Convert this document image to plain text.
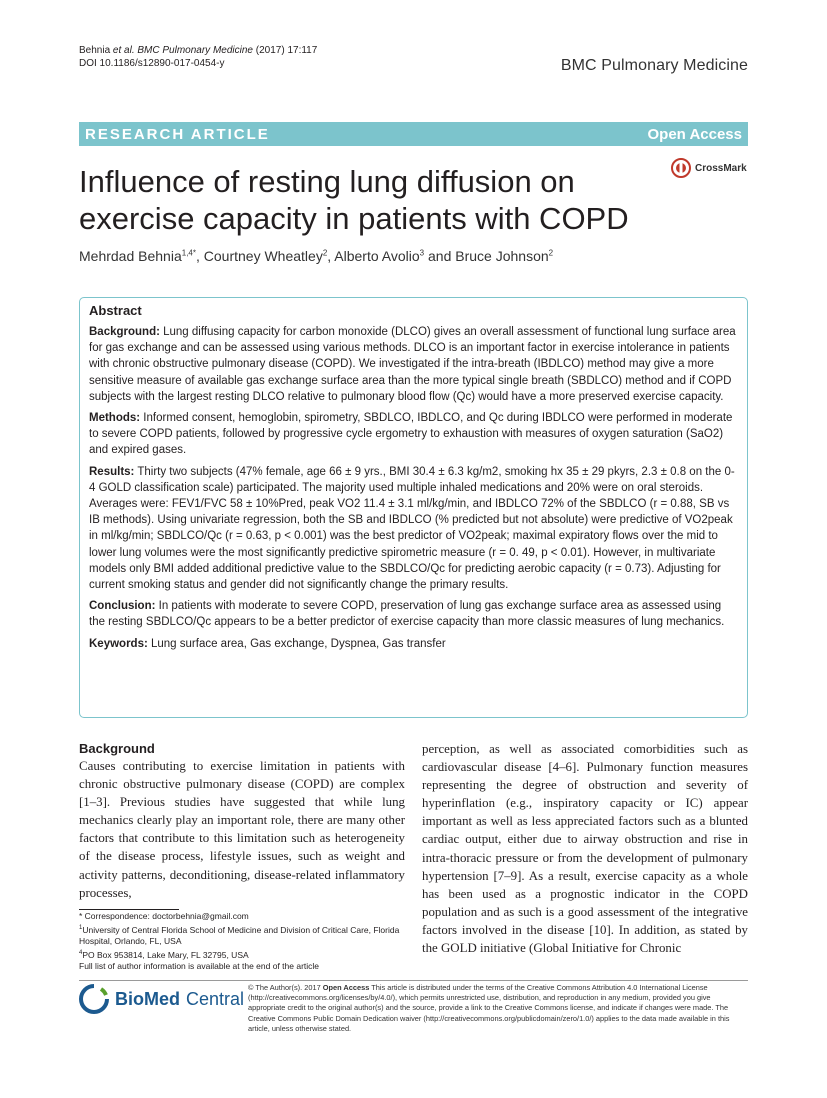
Behnia et al. BMC Pulmonary Medicine (2017) 17:117
DOI 10.1186/s12890-017-0454-y	BMC Pulmonary Medicine
RESEARCH ARTICLE	Open Access
Influence of resting lung diffusion on exercise capacity in patients with COPD
CrossMark
Mehrdad Behnia$^{1,4*}$, Courtney Wheatley$^2$, Alberto Avolio$^3$ and Bruce Johnson$^2$
Abstract

Background: Lung diffusing capacity for carbon monoxide (DLCO) gives an overall assessment of functional lung surface area for gas exchange and can be assessed using various methods. DLCO is an important factor in exercise intolerance in patients with chronic obstructive pulmonary disease (COPD). We investigated if the intra-breath (IBDLCO) method may give a more sensitive measure of available gas exchange surface area than the more typical single breath (SBDLCO) method and if COPD subjects with the largest resting DLCO relative to pulmonary blood flow (Qc) would have a more preserved exercise capacity.

Methods: Informed consent, hemoglobin, spirometry, SBDLCO, IBDLCO, and Qc during IBDLCO were performed in moderate to severe COPD patients, followed by progressive cycle ergometry to exhaustion with measures of oxygen saturation (SaO2) and expired gases.

Results: Thirty two subjects (47% female, age 66 ± 9 yrs., BMI 30.4 ± 6.3 kg/m2, smoking hx 35 ± 29 pkyrs, 2.3 ± 0.8 on the 0-4 GOLD classification scale) participated. The majority used multiple inhaled medications and 20% were on oral steroids. Averages were: FEV1/FVC 58 ± 10%Pred, peak VO2 11.4 ± 3.1 ml/kg/min, and IBDLCO 72% of the SBDLCO (r = 0.88, SB vs IB methods). Using univariate regression, both the SB and IBDLCO (% predicted but not absolute) were predictive of VO2peak in ml/kg/min; SBDLCO/Qc (r = 0.63, p < 0.001) was the best predictor of VO2peak; maximal expiratory flows over the mid to lower lung volumes were the most significantly predictive spirometric measure (r = 0. 49, p < 0.01). However, in multivariate models only BMI added additional predictive value to the SBDLCO/Qc for predicting aerobic capacity (r = 0.73). Adjusting for current smoking status and gender did not significantly change the primary results.

Conclusion: In patients with moderate to severe COPD, preservation of lung gas exchange surface area as assessed using the resting SBDLCO/Qc appears to be a better predictor of exercise capacity than more classic measures of lung mechanics.

Keywords: Lung surface area, Gas exchange, Dyspnea, Gas transfer

Background

Causes contributing to exercise limitation in patients with chronic obstructive pulmonary disease (COPD) are complex [1–3]. Previous studies have suggested that while lung mechanics clearly play an important role, there are many other factors that contribute to this limitation such as heterogeneity of the disease process, lifestyle issues, such as weight and activity patterns, deconditioning, disease-related inflammatory processes,

perception, as well as associated comorbidities such as cardiovascular disease [4–6]. Pulmonary function measures representing the degree of obstruction and severity of hyperinflation (e.g., inspiratory capacity or IC) appear important as well as less appreciated factors such as a blunted cardiac output, either due to airway obstruction and rise in intra-thoracic pressure or from the development of pulmonary hypertension [7–9]. As a result, exercise capacity as a whole has been used as a prognostic indicator in the COPD population and as such is a good assessment of the integrative factors involved in the disease [10]. In addition, as stated by the GOLD initiative (Global Initiative for Chronic

* Correspondence: doctorbehnia@gmail.com
$^1$University of Central Florida School of Medicine and Division of Critical Care, Florida Hospital, Orlando, FL, USA
$^4$PO Box 953814, Lake Mary, FL 32795, USA
Full list of author information is available at the end of the article
BioMed Central
© The Author(s). 2017 Open Access This article is distributed under the terms of the Creative Commons Attribution 4.0 International License (http://creativecommons.org/licenses/by/4.0/), which permits unrestricted use, distribution, and reproduction in any medium, provided you give appropriate credit to the original author(s) and the source, provide a link to the Creative Commons license, and indicate if changes were made. The Creative Commons Public Domain Dedication waiver (http://creativecommons.org/publicdomain/zero/1.0/) applies to the data made available in this article, unless otherwise stated.
